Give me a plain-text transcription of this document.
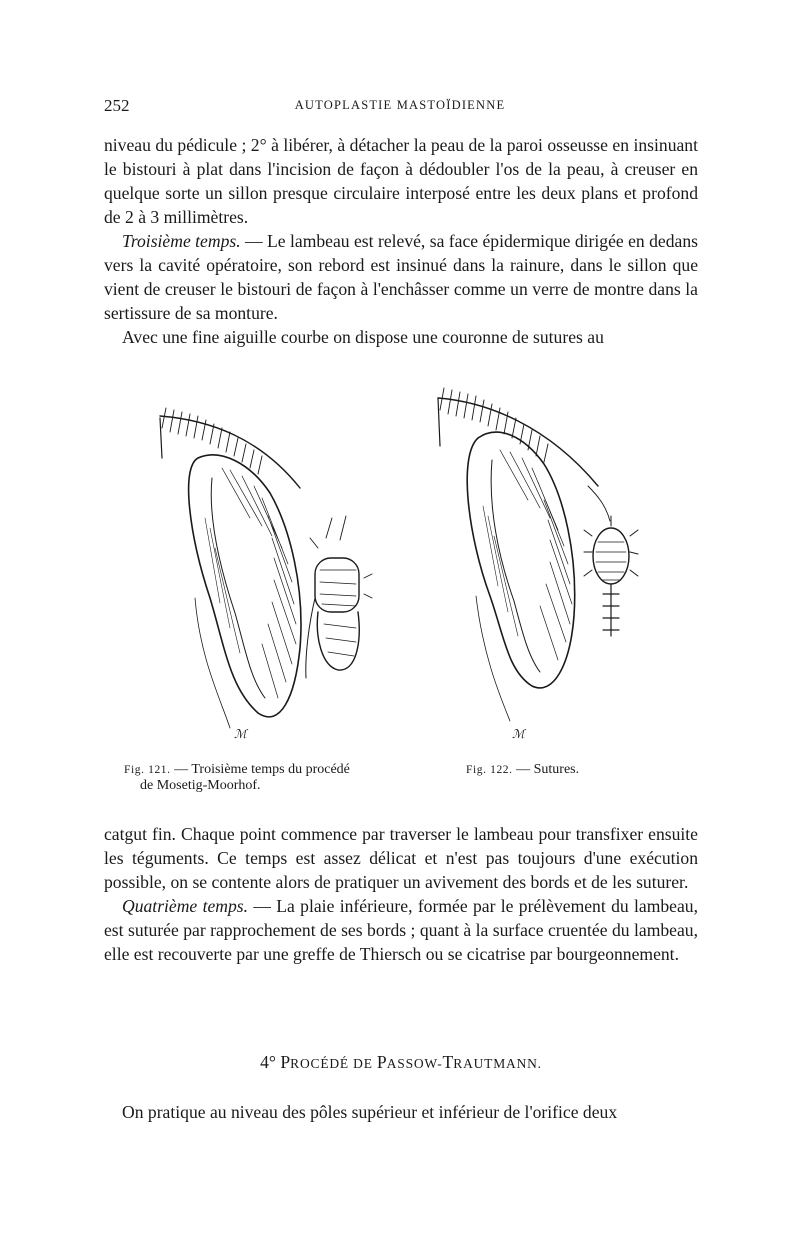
252	AUTOPLASTIE MASTOÏDIENNE

niveau du pédicule ; 2° à libérer, à détacher la peau de la paroi osseusse en insinuant le bistouri à plat dans l'incision de façon à dédoubler l'os de la peau, à creuser en quelque sorte un sillon presque circulaire interposé entre les deux plans et profond de 2 à 3 millimètres.

Troisième temps. — Le lambeau est relevé, sa face épidermique dirigée en dedans vers la cavité opératoire, son rebord est insinué dans la rainure, dans le sillon que vient de creuser le bistouri de façon à l'enchâsser comme un verre de montre dans la sertissure de sa monture.

Avec une fine aiguille courbe on dispose une couronne de sutures au

ℳ	ℳ
Fig. 121. — Troisième temps du procédé
de Mosetig-Moorhof.
Fig. 122. — Sutures.

catgut fin. Chaque point commence par traverser le lambeau pour transfixer ensuite les téguments. Ce temps est assez délicat et n'est pas toujours d'une exécution possible, on se contente alors de pratiquer un avivement des bords et de les suturer.

Quatrième temps. — La plaie inférieure, formée par le prélèvement du lambeau, est suturée par rapprochement de ses bords ; quant à la surface cruentée du lambeau, elle est recouverte par une greffe de Thiersch ou se cicatrise par bourgeonnement.

4° PROCÉDÉ DE PASSOW-TRAUTMANN.

On pratique au niveau des pôles supérieur et inférieur de l'orifice deux
